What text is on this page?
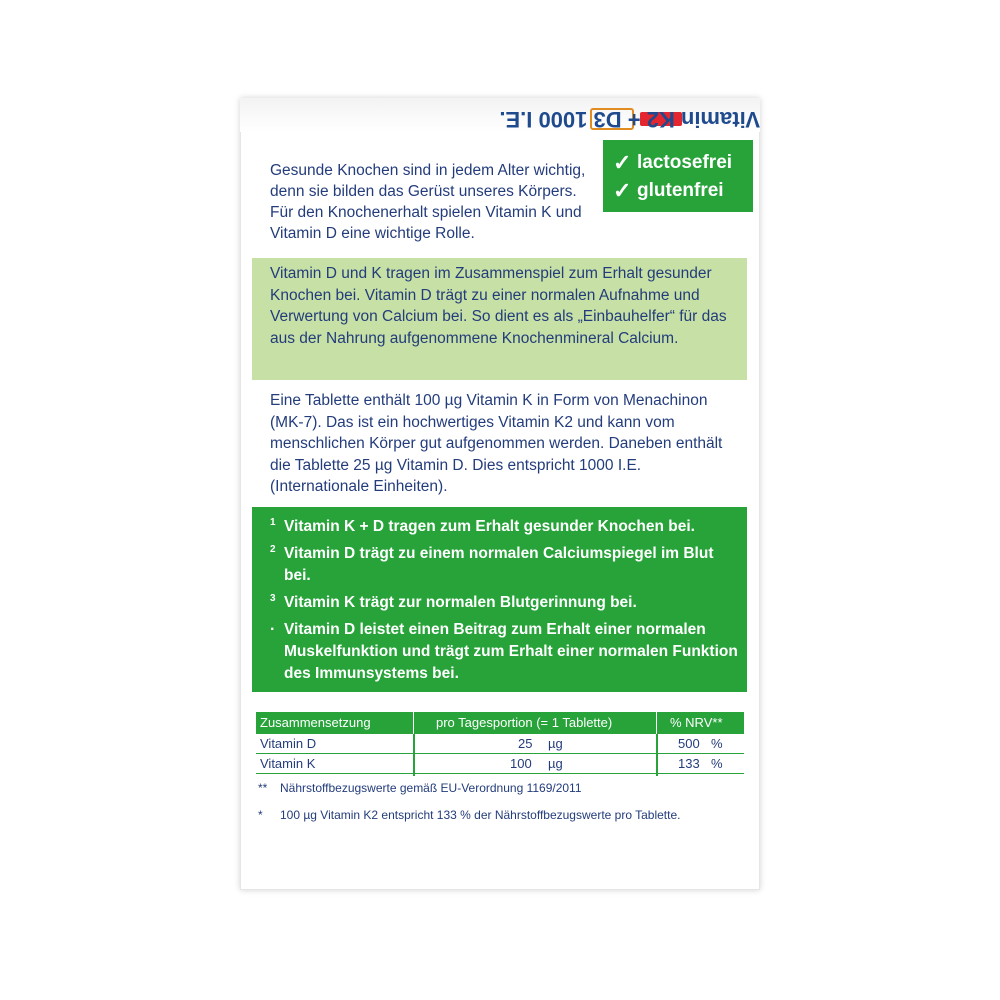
Vitamin K2 + D3 1000 I.E.

Gesunde Knochen sind in jedem Alter wichtig, denn sie bilden das Gerüst unseres Körpers. Für den Knochenerhalt spielen Vitamin K und Vitamin D eine wichtige Rolle.

✓ lactosefrei
✓ glutenfrei
Vitamin D und K tragen im Zusammenspiel zum Erhalt gesunder Knochen bei. Vitamin D trägt zu einer normalen Aufnahme und Verwertung von Calcium bei. So dient es als „Einbauhelfer“ für das aus der Nahrung aufgenommene Knochenmineral Calcium.
Eine Tablette enthält 100 µg Vitamin K in Form von Menachinon (MK-7). Das ist ein hochwertiges Vitamin K2 und kann vom menschlichen Körper gut aufgenommen werden. Daneben enthält die Tablette 25 µg Vitamin D. Dies entspricht 1000 I.E. (Internationale Einheiten).
1 Vitamin K + D tragen zum Erhalt gesunder Knochen bei.
2 Vitamin D trägt zu einem normalen Calciumspiegel im Blut bei.
3 Vitamin K trägt zur normalen Blutgerinnung bei.
· Vitamin D leistet einen Beitrag zum Erhalt einer normalen Muskelfunktion und trägt zum Erhalt einer normalen Funktion des Immunsystems bei.
Zusammensetzung	pro Tagesportion (= 1 Tablette)	% NRV**
Vitamin D	25 µg	500 %
Vitamin K	100 µg	133 %
**	Nährstoffbezugswerte gemäß EU-Verordnung 1169/2011
*	100 µg Vitamin K2 entspricht 133 % der Nährstoffbezugswerte pro Tablette.
